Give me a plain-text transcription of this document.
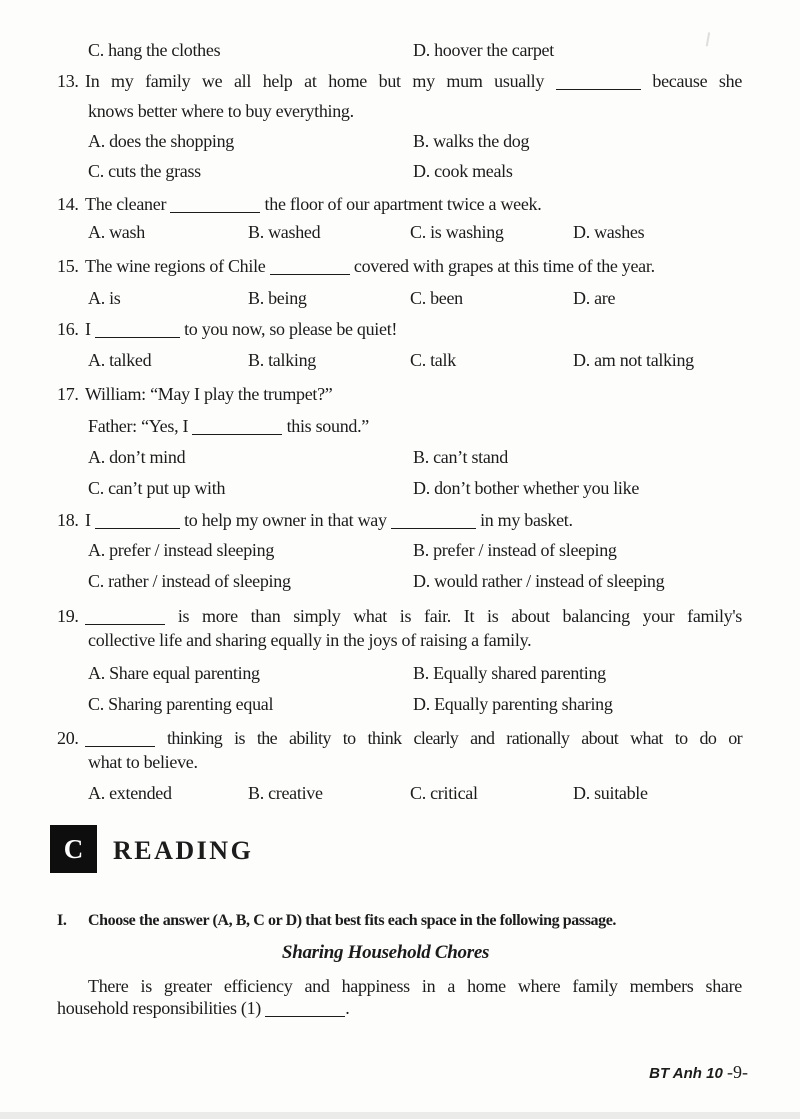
C. hang the clothes	D. hoover the carpet
13. In my family we all help at home but my mum usually	because she
knows better where to buy everything.
A. does the shopping	B. walks the dog
C. cuts the grass	D. cook meals
14. The cleaner	the floor of our apartment twice a week.
A. wash	B. washed	C. is washing	D. washes
15. The wine regions of Chile	covered with grapes at this time of the year.
A. is	B. being	C. been	D. are
16. I	to you now, so please be quiet!
A. talked	B. talking	C. talk	D. am not talking
17. William: “May I play the trumpet?”
Father: “Yes, I	this sound.”
A. don’t mind	B. can’t stand
C. can’t put up with	D. don’t bother whether you like
18. I	to help my owner in that way	in my basket.
A. prefer / instead sleeping	B. prefer / instead of sleeping
C. rather / instead of sleeping	D. would rather / instead of sleeping
19.	is more than simply what is fair. It is about balancing your family's
collective life and sharing equally in the joys of raising a family.
A. Share equal parenting	B. Equally shared parenting
C. Sharing parenting equal	D. Equally parenting sharing
20.	thinking is the ability to think clearly and rationally about what to do or
what to believe.
A. extended	B. creative	C. critical	D. suitable
C READING
I. Choose the answer (A, B, C or D) that best fits each space in the following passage.
Sharing Household Chores
There is greater efficiency and happiness in a home where family members share
household responsibilities (1)	.
BT Anh 10 -9-
